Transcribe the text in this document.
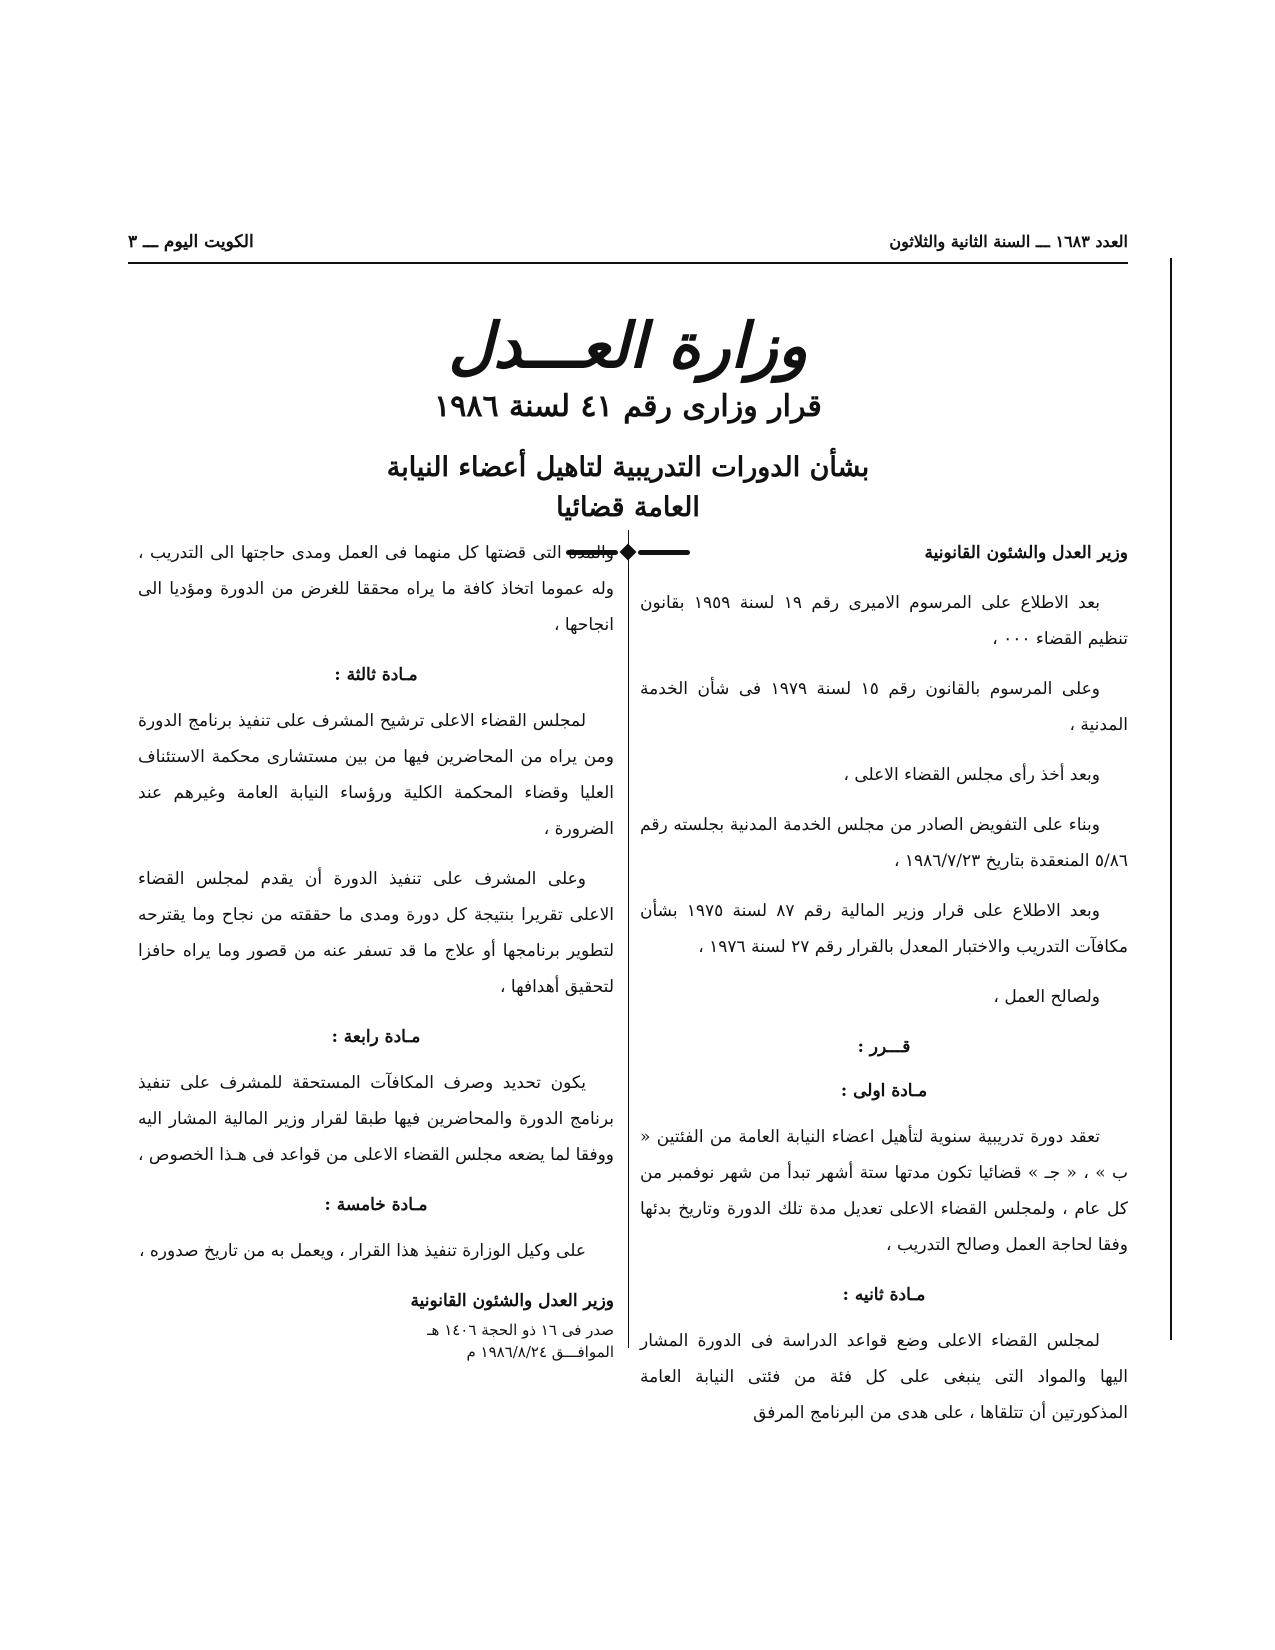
العدد ١٦٨٣ ـــ السنة الثانية والثلاثون
الكويت اليوم ـــ ٣
وزارة العـــدل
قرار وزارى رقم ٤١ لسنة ١٩٨٦
بشأن الدورات التدريبية لتاهيل أعضاء النيابة
العامة قضائيا

وزير العدل والشئون القانونية

بعد الاطلاع على المرسوم الاميرى رقم ١٩ لسنة ١٩٥٩ بقانون تنظيم القضاء ٠٠٠ ،

وعلى المرسوم بالقانون رقم ١٥ لسنة ١٩٧٩ فى شأن الخدمة المدنية ،

وبعد أخذ رأى مجلس القضاء الاعلى ،

وبناء على التفويض الصادر من مجلس الخدمة المدنية بجلسته رقم ٥/٨٦ المنعقدة بتاريخ ١٩٨٦/٧/٢٣ ،

وبعد الاطلاع على قرار وزير المالية رقم ٨٧ لسنة ١٩٧٥ بشأن مكافآت التدريب والاختبار المعدل بالقرار رقم ٢٧ لسنة ١٩٧٦ ،

ولصالح العمل ،

قـــرر :

مـادة اولى :

تعقد دورة تدريبية سنوية لتأهيل اعضاء النيابة العامة من الفئتين « ب » ، « جـ » قضائيا تكون مدتها ستة أشهر تبدأ من شهر نوفمبر من كل عام ، ولمجلس القضاء الاعلى تعديل مدة تلك الدورة وتاريخ بدئها وفقا لحاجة العمل وصالح التدريب ،

مـادة ثانيه :

لمجلس القضاء الاعلى وضع قواعد الدراسة فى الدورة المشار اليها والمواد التى ينبغى على كل فئة من فئتى النيابة العامة المذكورتين أن تتلقاها ، على هدى من البرنامج المرفق

والمدة التى قضتها كل منهما فى العمل ومدى حاجتها الى التدريب ، وله عموما اتخاذ كافة ما يراه محققا للغرض من الدورة ومؤديا الى انجاحها ،

مـادة ثالثة :

لمجلس القضاء الاعلى ترشيح المشرف على تنفيذ برنامج الدورة ومن يراه من المحاضرين فيها من بين مستشارى محكمة الاستئناف العليا وقضاء المحكمة الكلية ورؤساء النيابة العامة وغيرهم عند الضرورة ،

وعلى المشرف على تنفيذ الدورة أن يقدم لمجلس القضاء الاعلى تقريرا بنتيجة كل دورة ومدى ما حققته من نجاح وما يقترحه لتطوير برنامجها أو علاج ما قد تسفر عنه من قصور وما يراه حافزا لتحقيق أهدافها ،

مـادة رابعة :

يكون تحديد وصرف المكافآت المستحقة للمشرف على تنفيذ برنامج الدورة والمحاضرين فيها طبقا لقرار وزير المالية المشار اليه ووفقا لما يضعه مجلس القضاء الاعلى من قواعد فى هـذا الخصوص ،

مـادة خامسة :

على وكيل الوزارة تنفيذ هذا القرار ، ويعمل به من تاريخ صدوره ،

وزير العدل والشئون القانونية

صدر فى ١٦ ذو الحجة ١٤٠٦ هـ

الموافـــق ١٩٨٦/٨/٢٤ م
